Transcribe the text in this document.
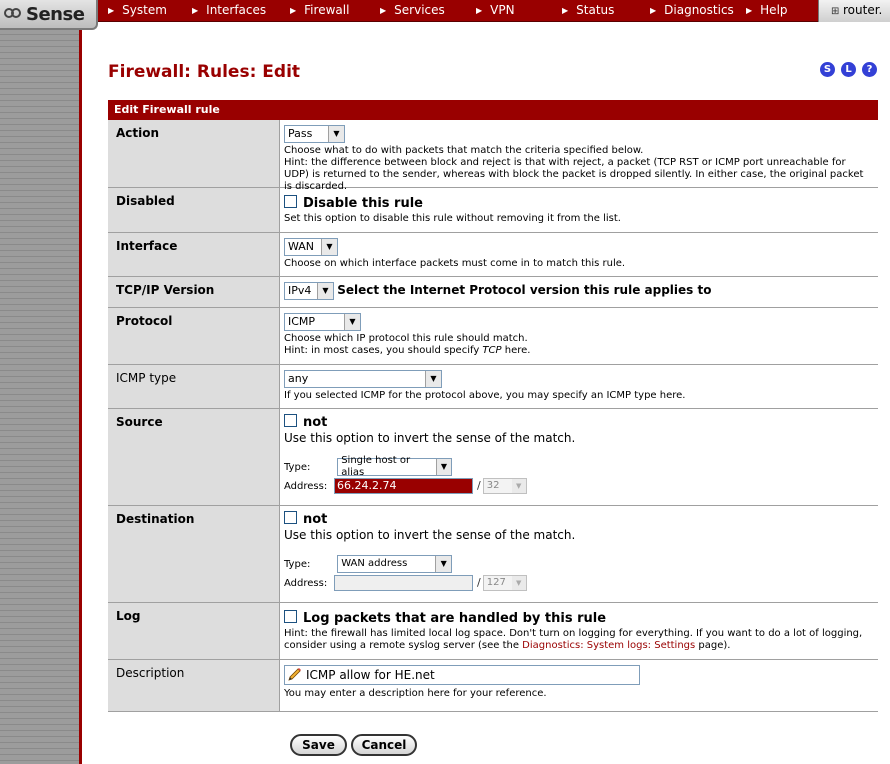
▶ System	▶ Interfaces	▶ Firewall	▶ Services	▶ VPN	▶ Status	▶ Diagnostics ▶ Help	⊞ router.
Sense
Firewall: Rules: Edit	S	L	?
Edit Firewall rule
Action	Pass	▼
Choose what to do with packets that match the criteria specified below.
Hint: the difference between block and reject is that with reject, a packet (TCP RST or ICMP port unreachable for UDP) is returned to the sender, whereas with block the packet is dropped silently. In either case, the original packet is discarded.
Disabled	Disable this rule
Set this option to disable this rule without removing it from the list.
Interface	WAN	▼
Choose on which interface packets must come in to match this rule.
TCP/IP Version	IPv4	▼ Select the Internet Protocol version this rule applies to
Protocol	ICMP	▼
Choose which IP protocol this rule should match.
Hint: in most cases, you should specify TCP here.
ICMP type	any	▼
If you selected ICMP for the protocol above, you may specify an ICMP type here.
Source	not
Use this option to invert the sense of the match.
Type:
Single host or alias
▼
Address: 66.24.2.74	/ 32	▼
Destination	not
Use this option to invert the sense of the match.
Type:	WAN address	▼
Address:	/ 127	▼
Log	Log packets that are handled by this rule
Hint: the firewall has limited local log space. Don't turn on logging for everything. If you want to do a lot of logging, consider using a remote syslog server (see the Diagnostics: System logs: Settings page).
Description	ICMP allow for HE.net
You may enter a description here for your reference.
Save	Cancel
